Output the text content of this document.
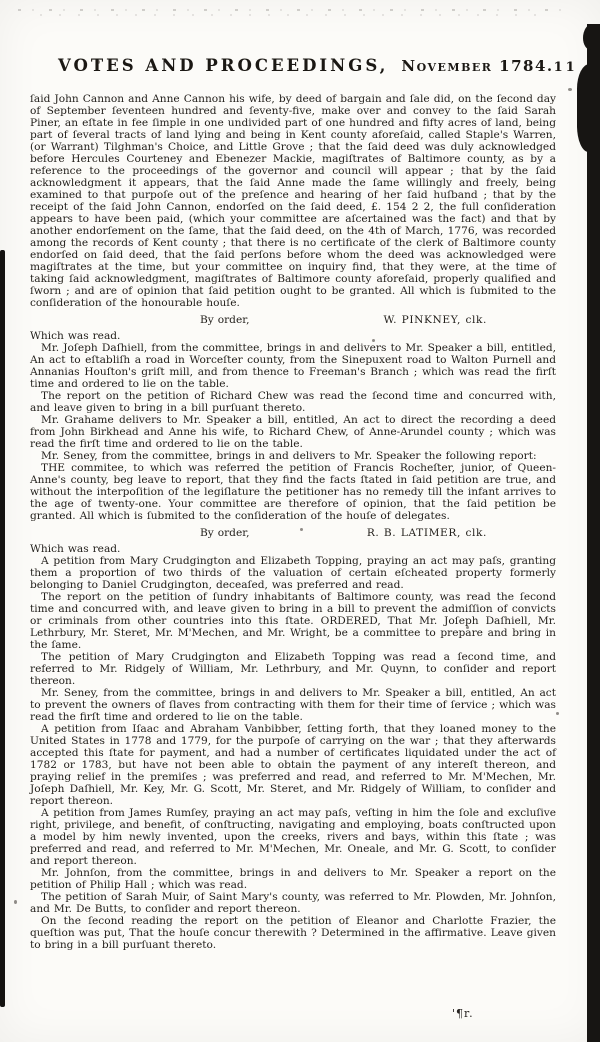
VOTES AND PROCEEDINGS, November 1784. 11

ſaid John Cannon and Anne Cannon his wife, by deed of bargain and ſale did, on the ſecond day of September ſeventeen hundred and ſeventy-five, make over and convey to the ſaid Sarah Piner, an eſtate in fee ſimple in one undivided part of one hundred and fifty acres of land, being part of ſeveral tracts of land lying and being in Kent county aforeſaid, called Staple's Warren, (or Warrant) Tilghman's Choice, and Little Grove ; that the ſaid deed was duly acknowledged before Hercules Courteney and Ebenezer Mackie, magiſtrates of Baltimore county, as by a reference to the proceedings of the governor and council will appear ; that by the ſaid acknowledgment it appears, that the ſaid Anne made the ſame willingly and freely, being examined to that purpoſe out of the preſence and hearing of her ſaid huſband ; that by the receipt of the ſaid John Cannon, endorſed on the ſaid deed, £. 154 2 2, the full conſideration appears to have been paid, (which your committee are aſcertained was the fact) and that by another endorſement on the ſame, that the ſaid deed, on the 4th of March, 1776, was recorded among the records of Kent county ; that there is no certificate of the clerk of Baltimore county endorſed on ſaid deed, that the ſaid perſons before whom the deed was acknowledged were magiſtrates at the time, but your committee on inquiry find, that they were, at the time of taking ſaid acknowledgment, magiſtrates of Baltimore county aforeſaid, properly qualified and ſworn ; and are of opinion that ſaid petition ought to be granted. All which is ſubmited to the conſideration of the honourable houſe.

By order,	W. PINKNEY, clk.

Which was read.

Mr. Joſeph Daſhiell, from the committee, brings in and delivers to Mr. Speaker a bill, entitled, An act to eſtabliſh a road in Worceſter county, from the Sinepuxent road to Walton Purnell and Annanias Houſton's griſt mill, and from thence to Freeman's Branch ; which was read the firſt time and ordered to lie on the table.

The report on the petition of Richard Chew was read the ſecond time and concurred with, and leave given to bring in a bill purſuant thereto.

Mr. Grahame delivers to Mr. Speaker a bill, entitled, An act to direct the recording a deed from John Birkhead and Anne his wife, to Richard Chew, of Anne-Arundel county ; which was read the firſt time and ordered to lie on the table.

Mr. Seney, from the committee, brings in and delivers to Mr. Speaker the following report:

THE commitee, to which was referred the petition of Francis Rocheſter, junior, of Queen-Anne's county, beg leave to report, that they find the facts ſtated in ſaid petition are true, and without the interpoſition of the legiſlature the petitioner has no remedy till the infant arrives to the age of twenty-one. Your committee are therefore of opinion, that the ſaid petition be granted. All which is ſubmited to the conſideration of the houſe of delegates.

By order,	R. B. LATIMER, clk.

Which was read.

A petition from Mary Crudgington and Elizabeth Topping, praying an act may paſs, granting them a proportion of two thirds of the valuation of certain eſcheated property formerly belonging to Daniel Crudgington, deceaſed, was preferred and read.

The report on the petition of ſundry inhabitants of Baltimore county, was read the ſecond time and concurred with, and leave given to bring in a bill to prevent the admiſſion of convicts or criminals from other countries into this ſtate. ORDERED, That Mr. Joſeph Daſhiell, Mr. Lethrbury, Mr. Steret, Mr. M'Mechen, and Mr. Wright, be a committee to prepare and bring in the ſame.

The petition of Mary Crudgington and Elizabeth Topping was read a ſecond time, and referred to Mr. Ridgely of William, Mr. Lethrbury, and Mr. Quynn, to conſider and report thereon.

Mr. Seney, from the committee, brings in and delivers to Mr. Speaker a bill, entitled, An act to prevent the owners of ſlaves from contracting with them for their time of ſervice ; which was read the firſt time and ordered to lie on the table.

A petition from Iſaac and Abraham Vanbibber, ſetting forth, that they loaned money to the United States in 1778 and 1779, for the purpoſe of carrying on the war ; that they afterwards accepted this ſtate for payment, and had a number of certificates liquidated under the act of 1782 or 1783, but have not been able to obtain the payment of any intereſt thereon, and praying relief in the premiſes ; was preferred and read, and referred to Mr. M'Mechen, Mr. Joſeph Daſhiell, Mr. Key, Mr. G. Scott, Mr. Steret, and Mr. Ridgely of William, to conſider and report thereon.

A petition from James Rumſey, praying an act may paſs, veſting in him the ſole and excluſive right, privilege, and benefit, of conſtructing, navigating and employing, boats conſtructed upon a model by him newly invented, upon the creeks, rivers and bays, within this ſtate ; was preferred and read, and referred to Mr. M'Mechen, Mr. Oneale, and Mr. G. Scott, to conſider and report thereon.

Mr. Johnſon, from the committee, brings in and delivers to Mr. Speaker a report on the petition of Philip Hall ; which was read.

The petition of Sarah Muir, of Saint Mary's county, was referred to Mr. Plowden, Mr. Johnſon, and Mr. De Butts, to conſider and report thereon.

On the ſecond reading the report on the petition of Eleanor and Charlotte Frazier, the queſtion was put, That the houſe concur therewith ? Determined in the affirmative. Leave given to bring in a bill purſuant thereto.

'¶r.
